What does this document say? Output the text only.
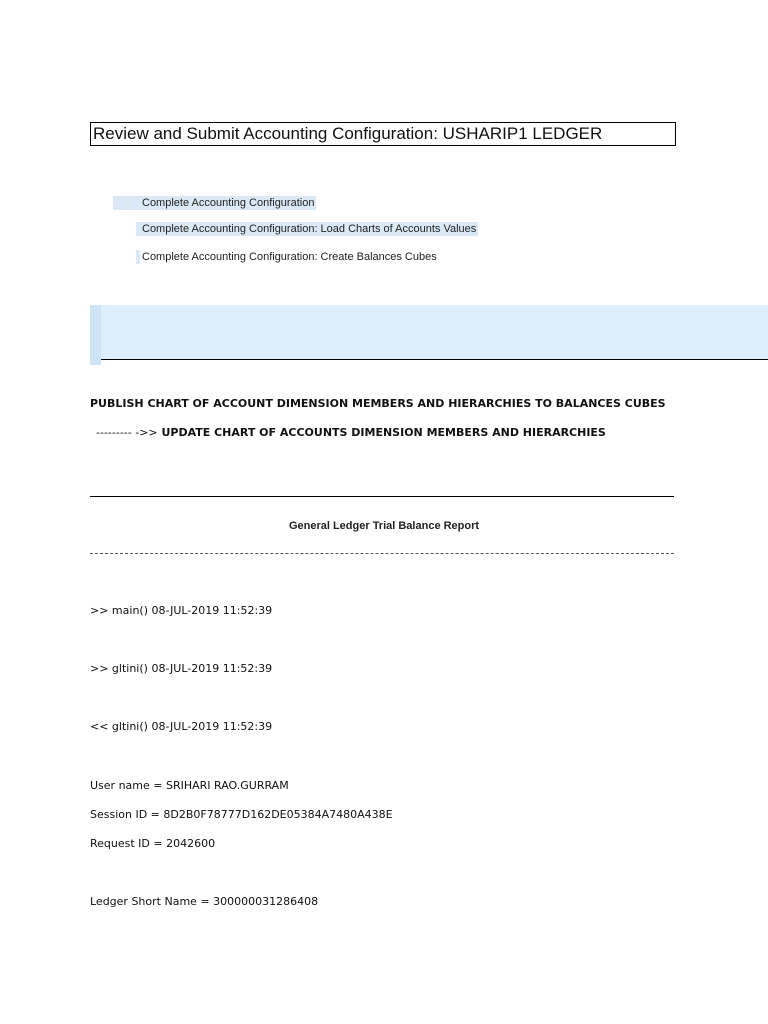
Review and Submit Accounting Configuration: USHARIP1 LEDGER
Complete Accounting Configuration
Complete Accounting Configuration: Load Charts of Accounts Values
Complete Accounting Configuration: Create Balances Cubes
PUBLISH CHART OF ACCOUNT DIMENSION MEMBERS AND HIERARCHIES TO BALANCES CUBES
--------- ->> UPDATE CHART OF ACCOUNTS DIMENSION MEMBERS AND HIERARCHIES
General Ledger Trial Balance Report
>> main() 08-JUL-2019 11:52:39
>> gltini() 08-JUL-2019 11:52:39
<< gltini() 08-JUL-2019 11:52:39
User name = SRIHARI RAO.GURRAM
Session ID = 8D2B0F78777D162DE05384A7480A438E
Request ID = 2042600
Ledger Short Name = 300000031286408
